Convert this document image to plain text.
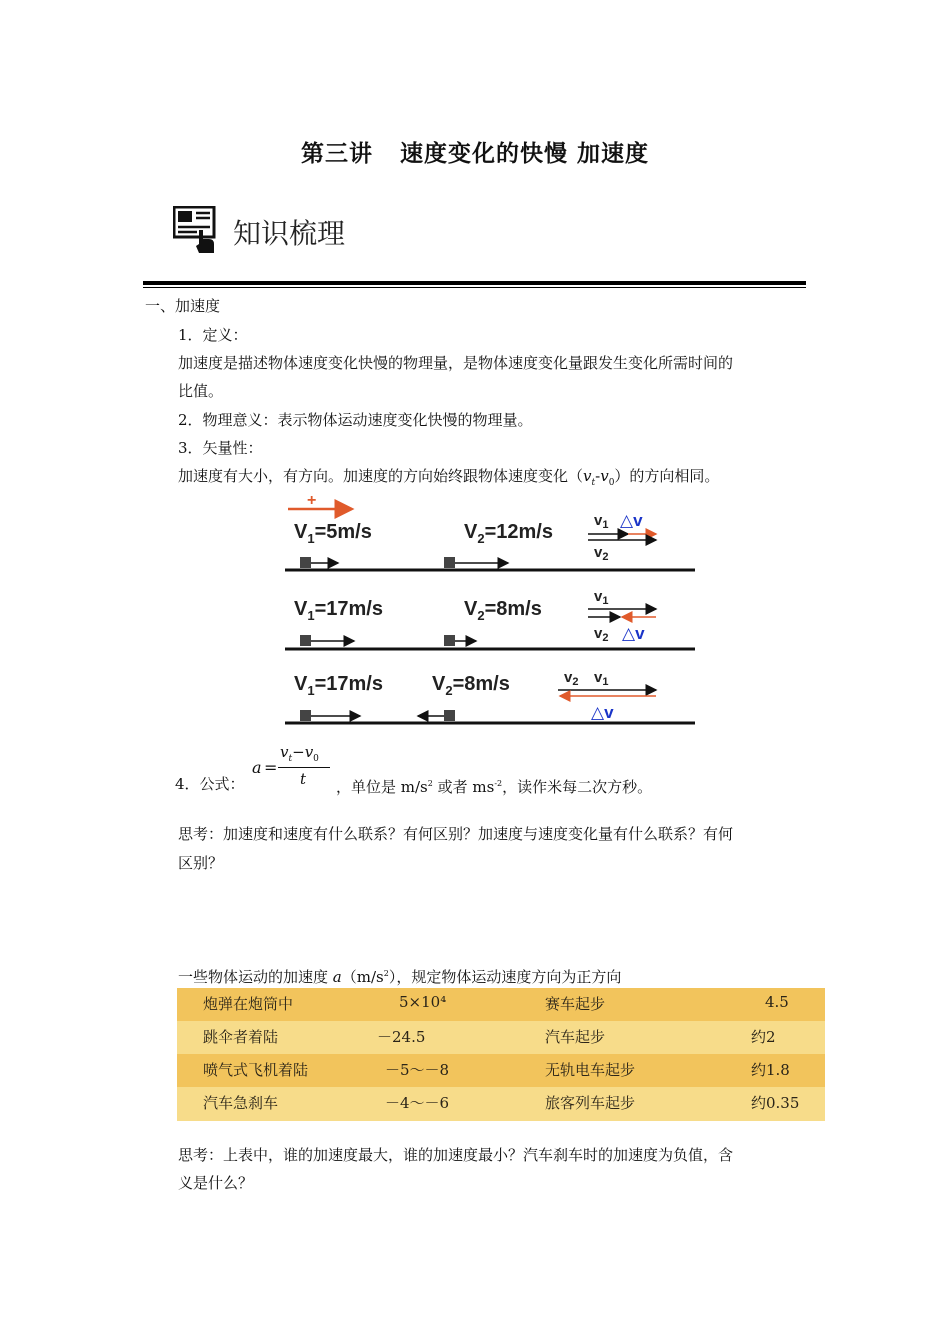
第三讲   速度变化的快慢 加速度
知识梳理
一、加速度
1．定义：
加速度是描述物体速度变化快慢的物理量，是物体速度变化量跟发生变化所需时间的
比值。
2．物理意义：表示物体运动速度变化快慢的物理量。
3．矢量性：
加速度有大小，有方向。加速度的方向始终跟物体速度变化$(v_t-v_0)$的方向相同。
+
$V_1=5m/s$	$V_2=12m/s$
$v_1$ △v
$v_2$
$V_1=17m/s$	$V_2=8m/s$
$v_1$
$v_2$ △v
$V_1=17m/s$ $V_2=8m/s$	$v_2$ $v_1$
△v
4．公式：
a =
$v_t-v_0$
t ，单位是 $m/s^2$ 或者 $ms^{-2}$，读作米每二次方秒。
思考：加速度和速度有什么联系？有何区别？加速度与速度变化量有什么联系？有何
区别？
一些物体运动的加速度 $a(m/s^2)$，规定物体运动速度方向为正方向
炮弹在炮筒中	5×10⁴	赛车起步	4.5
跳伞者着陆	－24.5	汽车起步	约2
喷气式飞机着陆	－5～－8	无轨电车起步	约1.8
汽车急刹车	－4～－6	旅客列车起步	约0.35
思考：上表中，谁的加速度最大，谁的加速度最小？汽车刹车时的加速度为负值，含
义是什么？
